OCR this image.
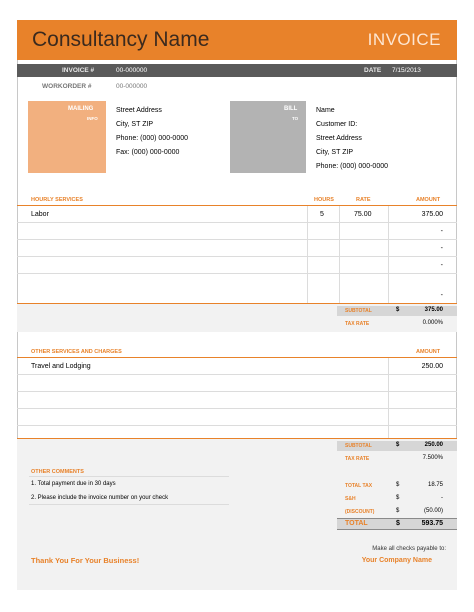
Consultancy Name	INVOICE
INVOICE #	00-000000	DATE 7/15/2013
WORKORDER #	00-000000
MAILING
INFO
Street Address
City, ST ZIP
Phone: (000) 000-0000
Fax: (000) 000-0000
BILL
TO
Name
Customer ID:
Street Address
City, ST ZIP
Phone: (000) 000-0000
HOURLY SERVICES	HOURS	RATE	AMOUNT
Labor	5	75.00	375.00
-
-
-
-
SUBTOTAL	$	375.00
TAX RATE	0.000%
OTHER SERVICES AND CHARGES	AMOUNT
Travel and Lodging	250.00
SUBTOTAL	$	250.00
TAX RATE	7.500%
OTHER COMMENTS
1. Total payment due in 30 days
2. Please include the invoice number on your check
TOTAL TAX	$	18.75
S&H	$	-
(DISCOUNT)	$	(50.00)
TOTAL	$	593.75
Thank You For Your Business!
Make all checks payable to:
Your Company Name
